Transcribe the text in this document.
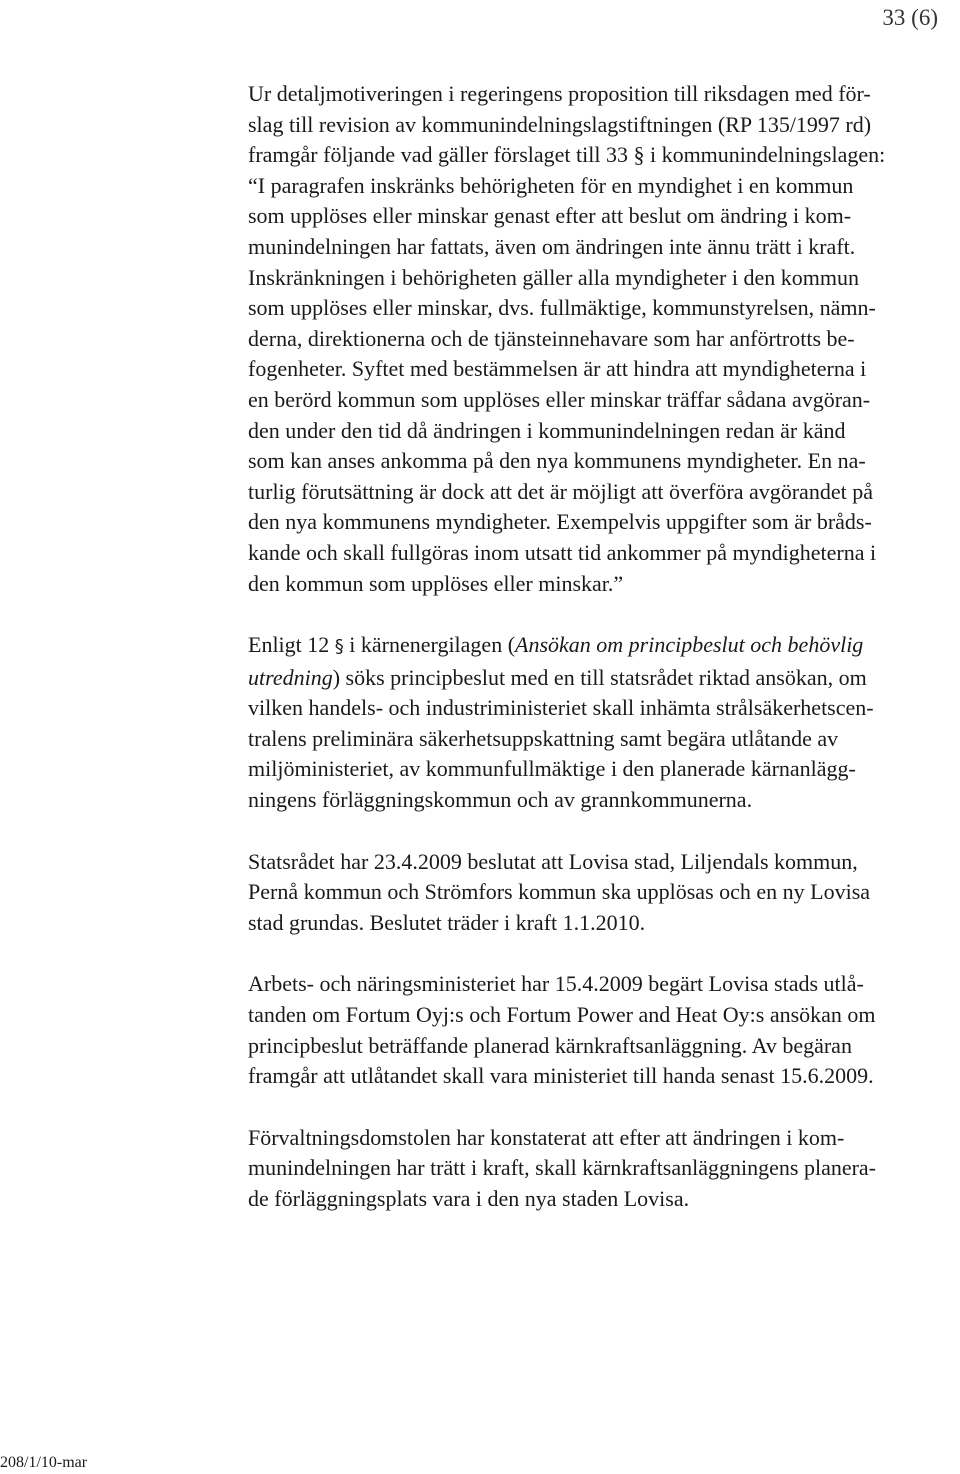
33 (6)

Ur detaljmotiveringen i regeringens proposition till riksdagen med för-
slag till revision av kommunindelningslagstiftningen (RP 135/1997 rd)
framgår följande vad gäller förslaget till 33 § i kommunindelningslagen:
“I paragrafen inskränks behörigheten för en myndighet i en kommun
som upplöses eller minskar genast efter att beslut om ändring i kom-
munindelningen har fattats, även om ändringen inte ännu trätt i kraft.
Inskränkningen i behörigheten gäller alla myndigheter i den kommun
som upplöses eller minskar, dvs. fullmäktige, kommunstyrelsen, nämn-
derna, direktionerna och de tjänsteinnehavare som har anförtrotts be-
fogenheter. Syftet med bestämmelsen är att hindra att myndigheterna i
en berörd kommun som upplöses eller minskar träffar sådana avgöran-
den under den tid då ändringen i kommunindelningen redan är känd
som kan anses ankomma på den nya kommunens myndigheter. En na-
turlig förutsättning är dock att det är möjligt att överföra avgörandet på
den nya kommunens myndigheter. Exempelvis uppgifter som är bråds-
kande och skall fullgöras inom utsatt tid ankommer på myndigheterna i
den kommun som upplöses eller minskar.”

Enligt 12 § i kärnenergilagen (Ansökan om principbeslut och behövlig
utredning) söks principbeslut med en till statsrådet riktad ansökan, om
vilken handels- och industriministeriet skall inhämta strålsäkerhetscen-
tralens preliminära säkerhetsuppskattning samt begära utlåtande av
miljöministeriet, av kommunfullmäktige i den planerade kärnanlägg-
ningens förläggningskommun och av grannkommunerna.

Statsrådet har 23.4.2009 beslutat att Lovisa stad, Liljendals kommun,
Pernå kommun och Strömfors kommun ska upplösas och en ny Lovisa
stad grundas. Beslutet träder i kraft 1.1.2010.

Arbets- och näringsministeriet har 15.4.2009 begärt Lovisa stads utlå-
tanden om Fortum Oyj:s och Fortum Power and Heat Oy:s ansökan om
principbeslut beträffande planerad kärnkraftsanläggning. Av begäran
framgår att utlåtandet skall vara ministeriet till handa senast 15.6.2009.

Förvaltningsdomstolen har konstaterat att efter att ändringen i kom-
munindelningen har trätt i kraft, skall kärnkraftsanläggningens planera-
de förläggningsplats vara i den nya staden Lovisa.

208/1/10-mar
